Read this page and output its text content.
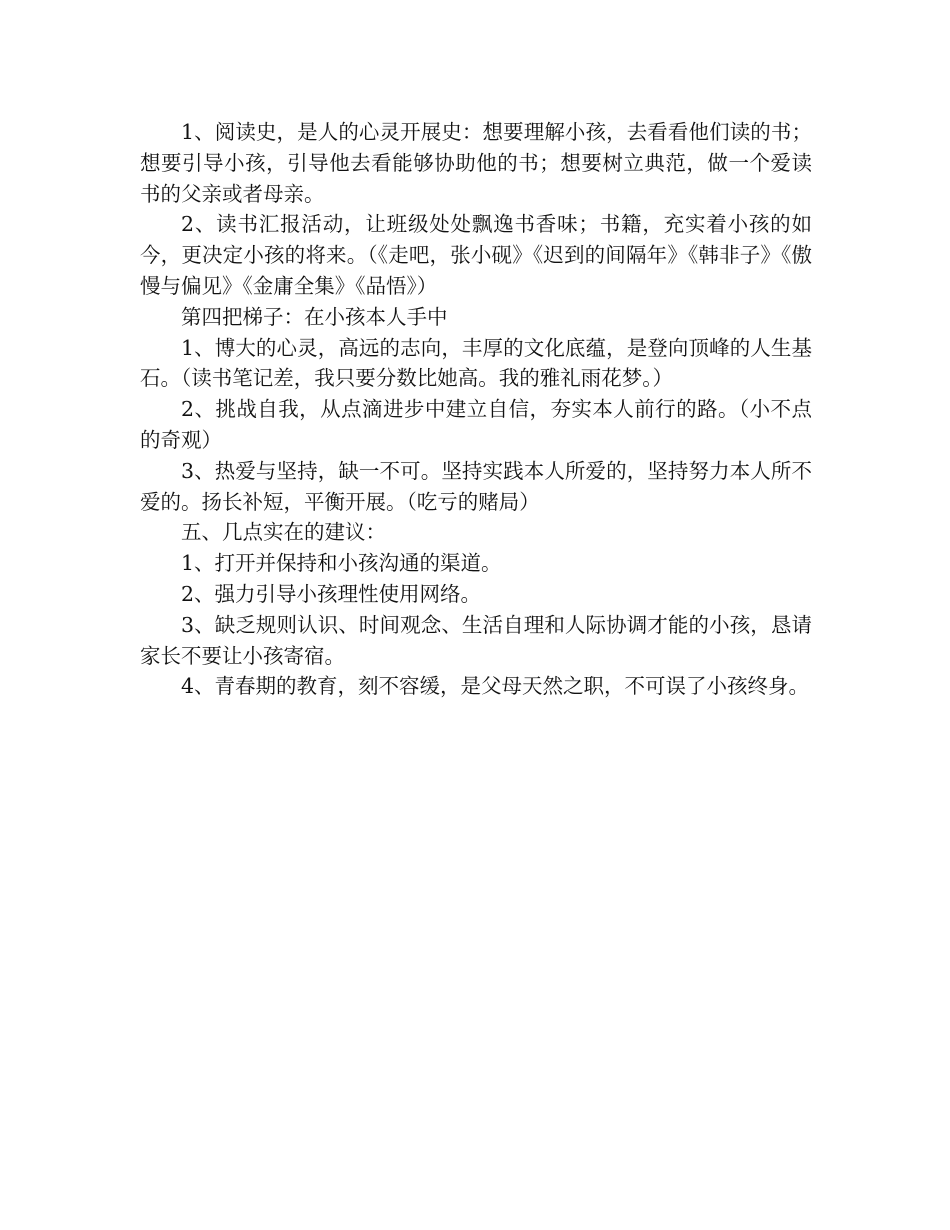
1、阅读史，是人的心灵开展史：想要理解小孩，去看看他们读的书；想要引导小孩，引导他去看能够协助他的书；想要树立典范，做一个爱读书的父亲或者母亲。

2、读书汇报活动，让班级处处飘逸书香味；书籍，充实着小孩的如今，更决定小孩的将来。（《走吧，张小砚》《迟到的间隔年》《韩非子》《傲慢与偏见》《金庸全集》《品悟》）

第四把梯子：在小孩本人手中

1、博大的心灵，高远的志向，丰厚的文化底蕴，是登向顶峰的人生基石。（读书笔记差，我只要分数比她高。我的雅礼雨花梦。）

2、挑战自我，从点滴进步中建立自信，夯实本人前行的路。（小不点的奇观）

3、热爱与坚持，缺一不可。坚持实践本人所爱的，坚持努力本人所不爱的。扬长补短，平衡开展。（吃亏的赌局）

五、几点实在的建议：

1、打开并保持和小孩沟通的渠道。

2、强力引导小孩理性使用网络。

3、缺乏规则认识、时间观念、生活自理和人际协调才能的小孩，恳请家长不要让小孩寄宿。

4、青春期的教育，刻不容缓，是父母天然之职，不可误了小孩终身。
